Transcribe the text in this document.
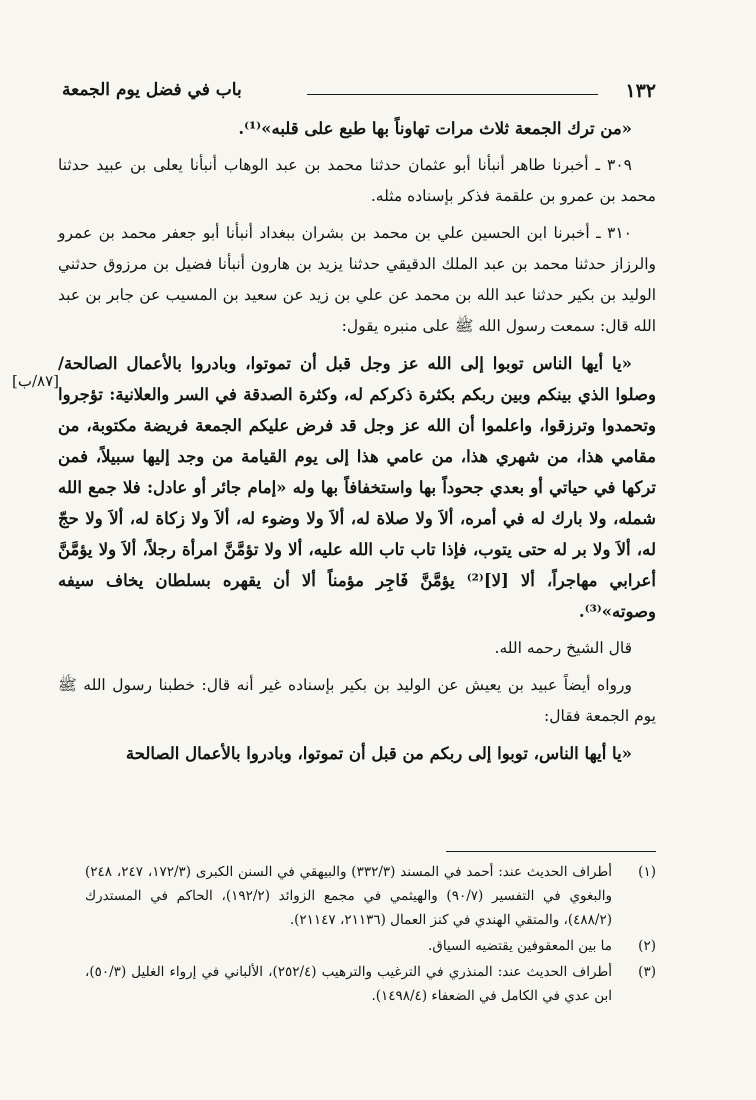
١٣٢
باب في فضل يوم الجمعة
[٨٧/ب]

«من ترك الجمعة ثلاث مرات تهاوناً بها طبع على قلبه»⁽¹⁾.

٣٠٩ ـ أخبرنا طاهر أنبأنا أبو عثمان حدثنا محمد بن عبد الوهاب أنبأنا يعلى بن عبيد حدثنا محمد بن عمرو بن علقمة فذكر بإسناده مثله.

٣١٠ ـ أخبرنا ابن الحسين علي بن محمد بن بشران ببغداد أنبأنا أبو جعفر محمد بن عمرو والرزاز حدثنا محمد بن عبد الملك الدقيقي حدثنا يزيد بن هارون أنبأنا فضيل بن مرزوق حدثني الوليد بن بكير حدثنا عبد الله بن محمد عن علي بن زيد عن سعيد بن المسيب عن جابر بن عبد الله قال: سمعت رسول الله ﷺ على منبره يقول:

«يا أيها الناس توبوا إلى الله عز وجل قبل أن تموتوا، وبادروا بالأعمال الصالحة/ وصلوا الذي بينكم وبين ربكم بكثرة ذكركم له، وكثرة الصدقة في السر والعلانية: تؤجروا وتحمدوا وترزقوا، واعلموا أن الله عز وجل قد فرض عليكم الجمعة فريضة مكتوبة، من مقامي هذا، من شهري هذا، من عامي هذا إلى يوم القيامة من وجد إليها سبيلاً، فمن تركها في حياتي أو بعدي جحوداً بها واستخفافاً بها وله «إمام جائر أو عادل: فلا جمع الله شمله، ولا بارك له في أمره، ألاَ ولا صلاة له، ألاَ ولا وضوء له، ألاَ ولا زكاة له، ألاَ ولا حجّ له، ألاَ ولا بر له حتى يتوب، فإذا تاب تاب الله عليه، ألا ولا تؤمَّنَّ امرأة رجلاً، ألاَ ولا يؤمَّنَّ أعرابي مهاجراً، ألا [لا]⁽²⁾ يؤمَّنَّ فَاجِر مؤمناً ألا أن يقهره بسلطان يخاف سيفه وصوته»⁽³⁾.

قال الشيخ رحمه الله.

ورواه أيضاً عبيد بن يعيش عن الوليد بن بكير بإسناده غير أنه قال: خطبنا رسول الله ﷺ يوم الجمعة فقال:

«يا أيها الناس، توبوا إلى ربكم من قبل أن تموتوا، وبادروا بالأعمال الصالحة

(١)
أطراف الحديث عند: أحمد في المسند (٣٣٢/٣) والبيهقي في السنن الكبرى (١٧٢/٣، ٢٤٧، ٢٤٨) والبغوي في التفسير (٩٠/٧) والهيثمي في مجمع الزوائد (١٩٢/٢)، الحاكم في المستدرك (٤٨٨/٢)، والمتقي الهندي في كنز العمال (٢١١٣٦، ٢١١٤٧).
(٢)
ما بين المعقوفين يقتضيه السياق.
(٣)
أطراف الحديث عند: المنذري في الترغيب والترهيب (٢٥٢/٤)، الألباني في إرواء الغليل (٥٠/٣)، ابن عدي في الكامل في الضعفاء (١٤٩٨/٤).
